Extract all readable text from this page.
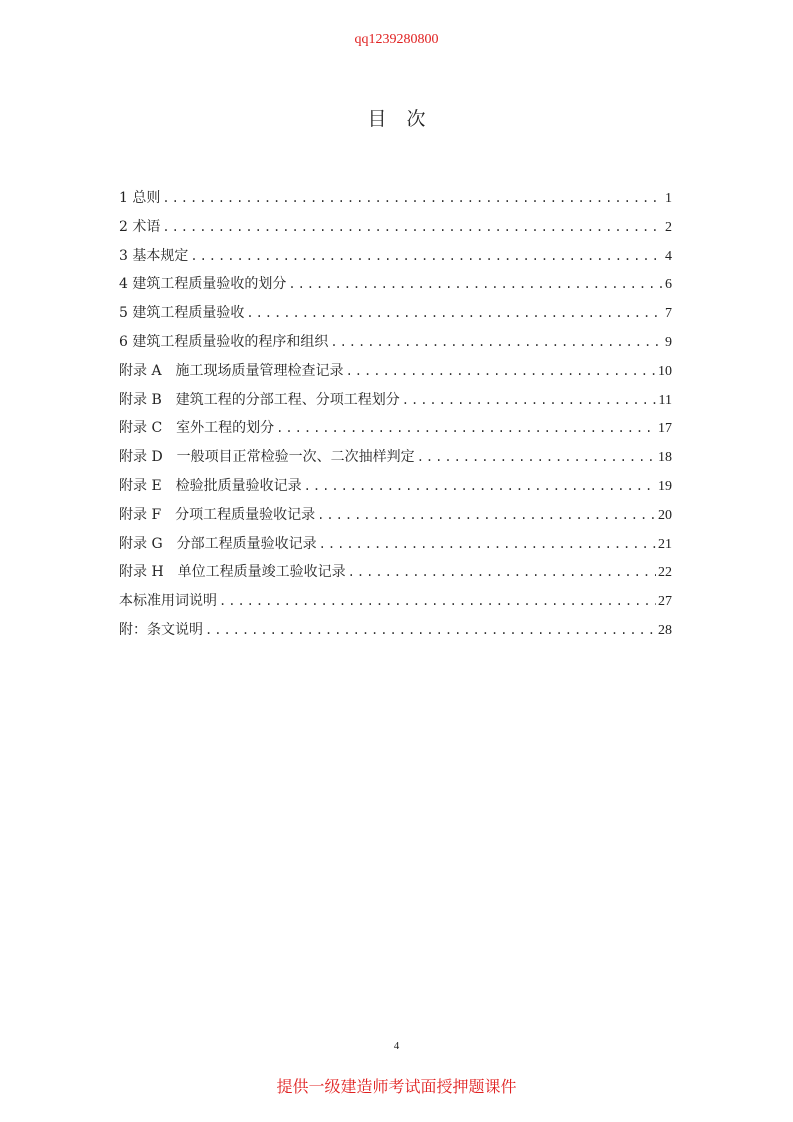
qq1239280800
目次
1 总则 .....	1
2 术语 .....	2
3 基本规定 .....	4
4 建筑工程质量验收的划分 .....	6
5 建筑工程质量验收 .....	7
6 建筑工程质量验收的程序和组织 .....	9
附录 A　施工现场质量管理检查记录 .....	10
附录 B　建筑工程的分部工程、分项工程划分 .....	11
附录 C　室外工程的划分 .....	17
附录 D　一般项目正常检验一次、二次抽样判定 .....	18
附录 E　检验批质量验收记录 .....	19
附录 F　分项工程质量验收记录 .....	20
附录 G　分部工程质量验收记录 .....	21
附录 H　单位工程质量竣工验收记录 .....	22
本标准用词说明 .....	27
附：条文说明 .....	28
4
提供一级建造师考试面授押题课件
